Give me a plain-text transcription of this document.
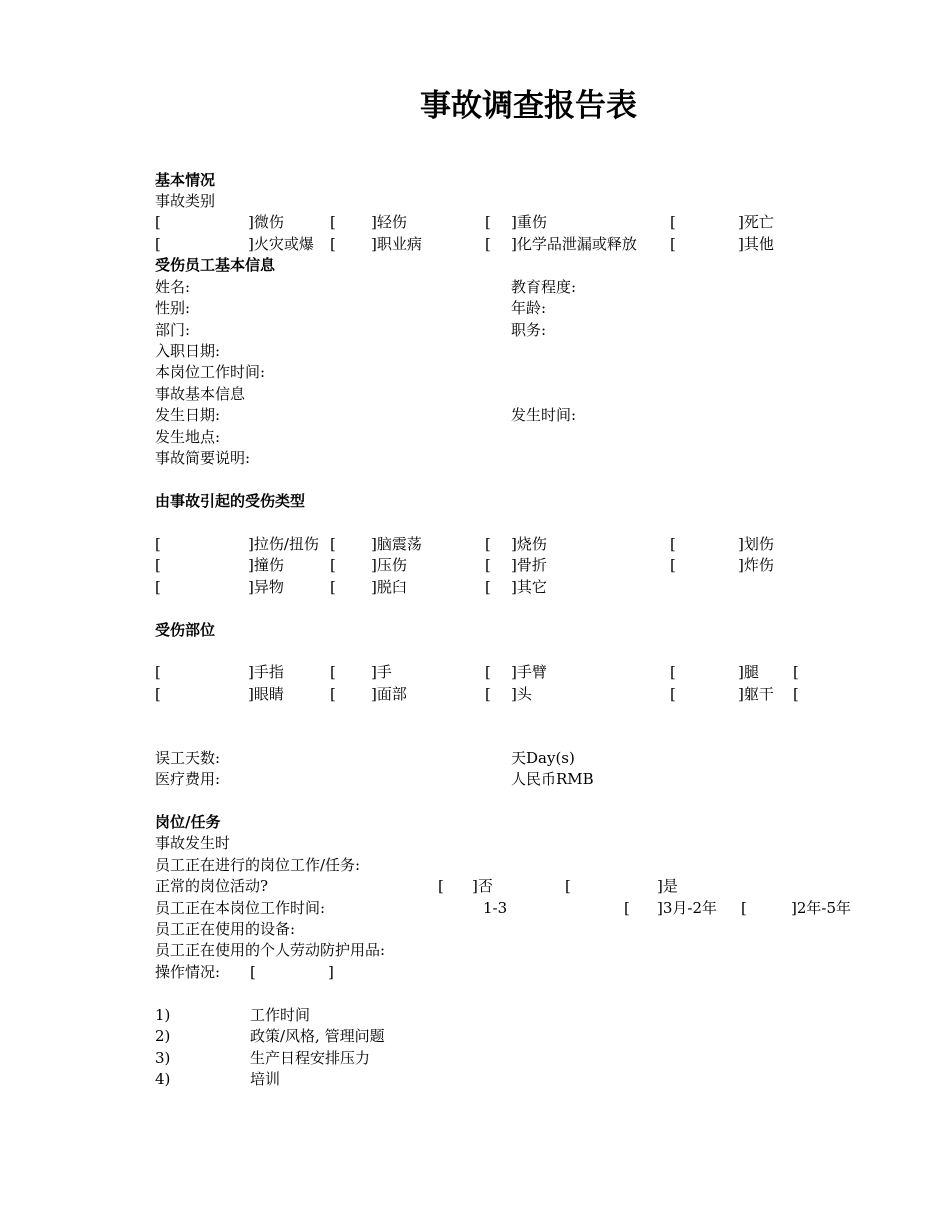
事故调查报告表
基本情况
事故类别
[	]微伤	[ ]轻伤	[ ]重伤	[	]死亡
[	]火灾或爆	[ ]职业病	[ ]化学品泄漏或释放 [	]其他
受伤员工基本信息
姓名:	教育程度:
性别:	年龄:
部门:	职务:
入职日期:
本岗位工作时间:
事故基本信息
发生日期:	发生时间:
发生地点:
事故简要说明:
由事故引起的受伤类型
[	]拉伤/扭伤 [ ]脑震荡	[ ]烧伤	[	]划伤
[	]撞伤	[ ]压伤	[ ]骨折	[	]炸伤
[	]异物	[ ]脱臼	[ ]其它
受伤部位
[	]手指	[ ]手	[ ]手臂	[	]腿 [
[	]眼睛	[ ]面部	[ ]头	[	]躯干 [
误工天数:	天Day(s)
医疗费用:	人民币RMB
岗位/任务
事故发生时
员工正在进行的岗位工作/任务:
正常的岗位活动?	[ ]否	[	]是
员工正在本岗位工作时间:	1-3	[ ]3月-2年 [	]2年-5年
员工正在使用的设备:
员工正在使用的个人劳动防护用品:
操作情况: [	]
1)	工作时间
2)	政策/风格, 管理问题
3)	生产日程安排压力
4)	培训
